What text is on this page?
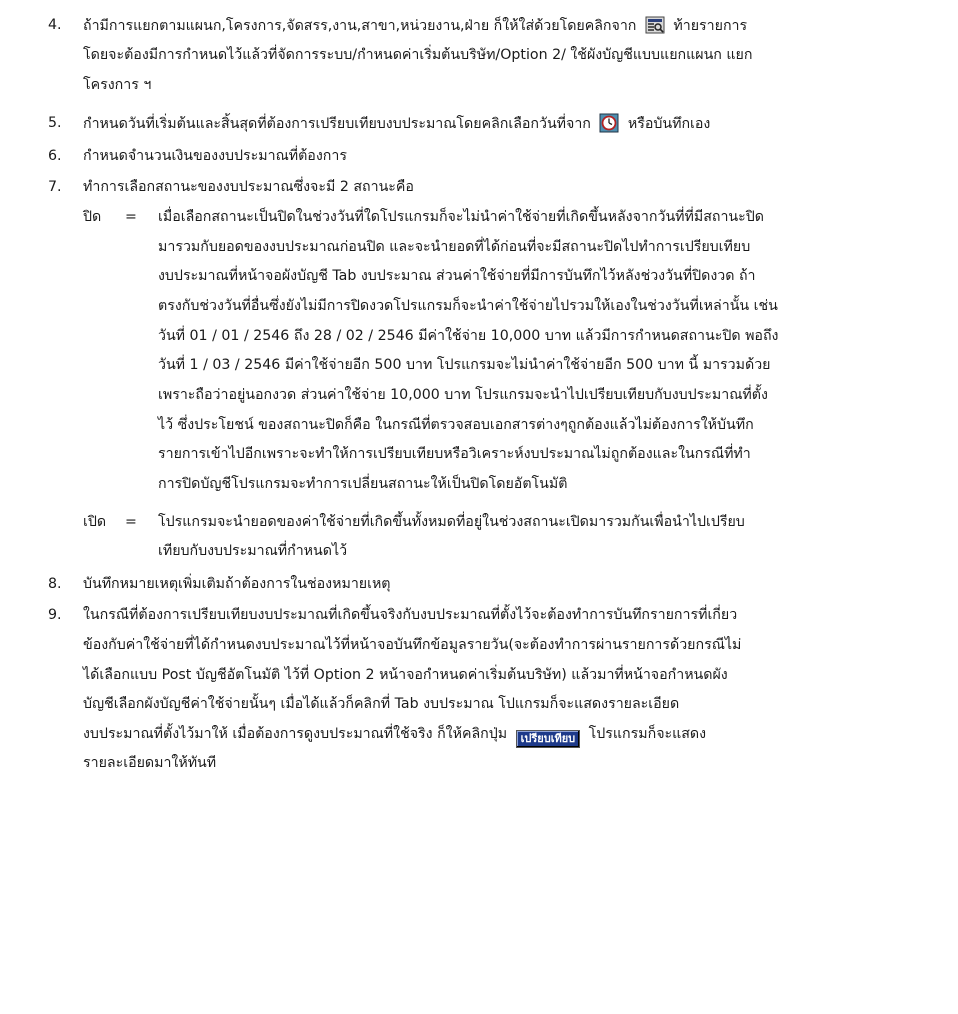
4. ถ้ามีการแยกตามแผนก,โครงการ,จัดสรร,งาน,สาขา,หน่วยงาน,ฝ่าย ก็ให้ใส่ด้วยโดยคลิกจาก	ท้ายรายการ
โดยจะต้องมีการกำหนดไว้แล้วที่จัดการระบบ/กำหนดค่าเริ่มต้นบริษัท/Option 2/ ใช้ผังบัญชีแบบแยกแผนก แยก
โครงการ ฯ
5. กำหนดวันที่เริ่มต้นและสิ้นสุดที่ต้องการเปรียบเทียบงบประมาณโดยคลิกเลือกวันที่จาก	หรือบันทึกเอง
6. กำหนดจำนวนเงินของงบประมาณที่ต้องการ
7. ทำการเลือกสถานะของงบประมาณซึ่งจะมี 2 สถานะคือ
ปิด = เมื่อเลือกสถานะเป็นปิดในช่วงวันที่ใดโปรแกรมก็จะไม่นำค่าใช้จ่ายที่เกิดขึ้นหลังจากวันที่ที่มีสถานะปิด
มารวมกับยอดของงบประมาณก่อนปิด และจะนำยอดที่ได้ก่อนที่จะมีสถานะปิดไปทำการเปรียบเทียบ
งบประมาณที่หน้าจอผังบัญชี Tab งบประมาณ ส่วนค่าใช้จ่ายที่มีการบันทึกไว้หลังช่วงวันที่ปิดงวด ถ้า
ตรงกับช่วงวันที่อื่นซึ่งยังไม่มีการปิดงวดโปรแกรมก็จะนำค่าใช้จ่ายไปรวมให้เองในช่วงวันที่เหล่านั้น เช่น
วันที่ 01 / 01 / 2546 ถึง 28 / 02 / 2546 มีค่าใช้จ่าย 10,000 บาท แล้วมีการกำหนดสถานะปิด พอถึง
วันที่ 1 / 03 / 2546 มีค่าใช้จ่ายอีก 500 บาท โปรแกรมจะไม่นำค่าใช้จ่ายอีก 500 บาท นี้ มารวมด้วย
เพราะถือว่าอยู่นอกงวด ส่วนค่าใช้จ่าย 10,000 บาท โปรแกรมจะนำไปเปรียบเทียบกับงบประมาณที่ตั้ง
ไว้ ซึ่งประโยชน์ ของสถานะปิดก็คือ ในกรณีที่ตรวจสอบเอกสารต่างๆถูกต้องแล้วไม่ต้องการให้บันทึก
รายการเข้าไปอีกเพราะจะทำให้การเปรียบเทียบหรือวิเคราะห์งบประมาณไม่ถูกต้องและในกรณีที่ทำ
การปิดบัญชีโปรแกรมจะทำการเปลี่ยนสถานะให้เป็นปิดโดยอัตโนมัติ
เปิด = โปรแกรมจะนำยอดของค่าใช้จ่ายที่เกิดขึ้นทั้งหมดที่อยู่ในช่วงสถานะเปิดมารวมกันเพื่อนำไปเปรียบ
เทียบกับงบประมาณที่กำหนดไว้
8. บันทึกหมายเหตุเพิ่มเติมถ้าต้องการในช่องหมายเหตุ
9. ในกรณีที่ต้องการเปรียบเทียบงบประมาณที่เกิดขึ้นจริงกับงบประมาณที่ตั้งไว้จะต้องทำการบันทึกรายการที่เกี่ยว
ข้องกับค่าใช้จ่ายที่ได้กำหนดงบประมาณไว้ที่หน้าจอบันทึกข้อมูลรายวัน(จะต้องทำการผ่านรายการด้วยกรณีไม่
ได้เลือกแบบ Post บัญชีอัตโนมัติ ไว้ที่ Option 2 หน้าจอกำหนดค่าเริ่มต้นบริษัท) แล้วมาที่หน้าจอกำหนดผัง
บัญชีเลือกผังบัญชีค่าใช้จ่ายนั้นๆ เมื่อได้แล้วก็คลิกที่ Tab งบประมาณ โปแกรมก็จะแสดงรายละเอียด
งบประมาณที่ตั้งไว้มาให้ เมื่อต้องการดูงบประมาณที่ใช้จริง ก็ให้คลิกปุ่ม เปรียบเทียบ โปรแกรมก็จะแสดง
รายละเอียดมาให้ทันที
